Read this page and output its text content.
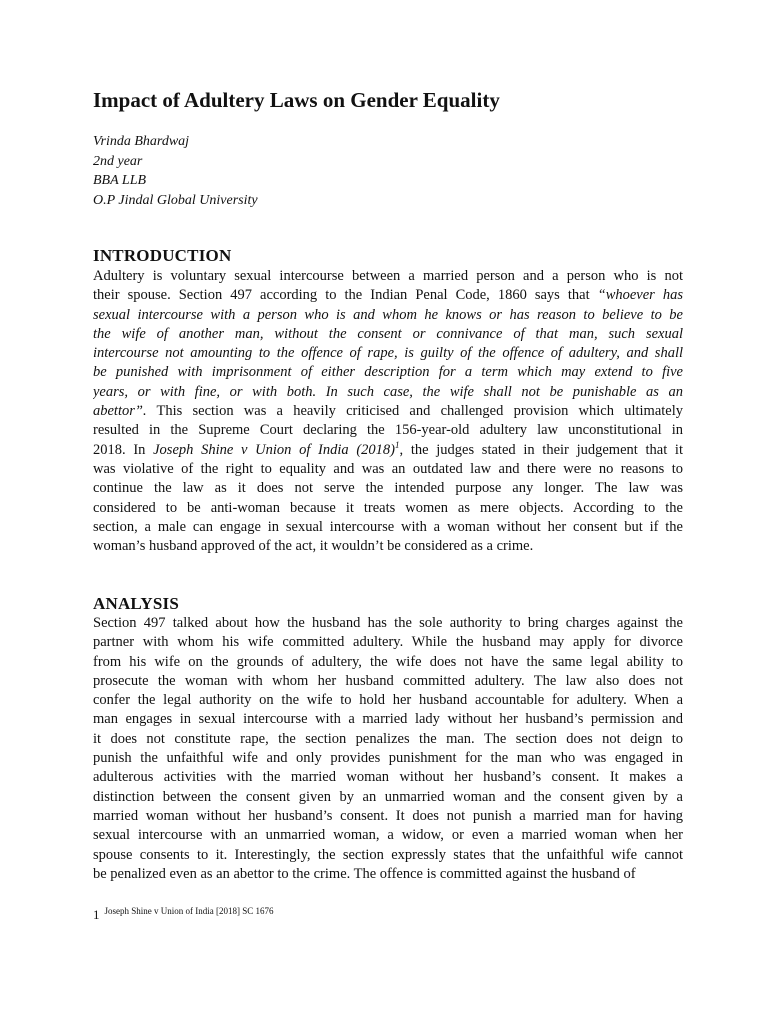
Impact of Adultery Laws on Gender Equality
Vrinda Bhardwaj
2nd year
BBA LLB
O.P Jindal Global University
INTRODUCTION
Adultery is voluntary sexual intercourse between a married person and a person who is not
their spouse. Section 497 according to the Indian Penal Code, 1860 says that “whoever has
sexual intercourse with a person who is and whom he knows or has reason to believe to be
the wife of another man, without the consent or connivance of that man, such sexual
intercourse not amounting to the offence of rape, is guilty of the offence of adultery, and shall
be punished with imprisonment of either description for a term which may extend to five
years, or with fine, or with both. In such case, the wife shall not be punishable as an
abettor”. This section was a heavily criticised and challenged provision which ultimately
resulted in the Supreme Court declaring the 156-year-old adultery law unconstitutional in
2018. In Joseph Shine v Union of India $(2018)^1$, the judges stated in their judgement that it
was violative of the right to equality and was an outdated law and there were no reasons to
continue the law as it does not serve the intended purpose any longer. The law was
considered to be anti-woman because it treats women as mere objects. According to the
section, a male can engage in sexual intercourse with a woman without her consent but if the
woman’s husband approved of the act, it wouldn’t be considered as a crime.
ANALYSIS
Section 497 talked about how the husband has the sole authority to bring charges against the
partner with whom his wife committed adultery. While the husband may apply for divorce
from his wife on the grounds of adultery, the wife does not have the same legal ability to
prosecute the woman with whom her husband committed adultery. The law also does not
confer the legal authority on the wife to hold her husband accountable for adultery. When a
man engages in sexual intercourse with a married lady without her husband’s permission and
it does not constitute rape, the section penalizes the man. The section does not deign to
punish the unfaithful wife and only provides punishment for the man who was engaged in
adulterous activities with the married woman without her husband’s consent. It makes a
distinction between the consent given by an unmarried woman and the consent given by a
married woman without her husband’s consent. It does not punish a married man for having
sexual intercourse with an unmarried woman, a widow, or even a married woman when her
spouse consents to it. Interestingly, the section expressly states that the unfaithful wife cannot
be penalized even as an abettor to the crime. The offence is committed against the husband of
1 Joseph Shine v Union of India [2018] SC 1676
